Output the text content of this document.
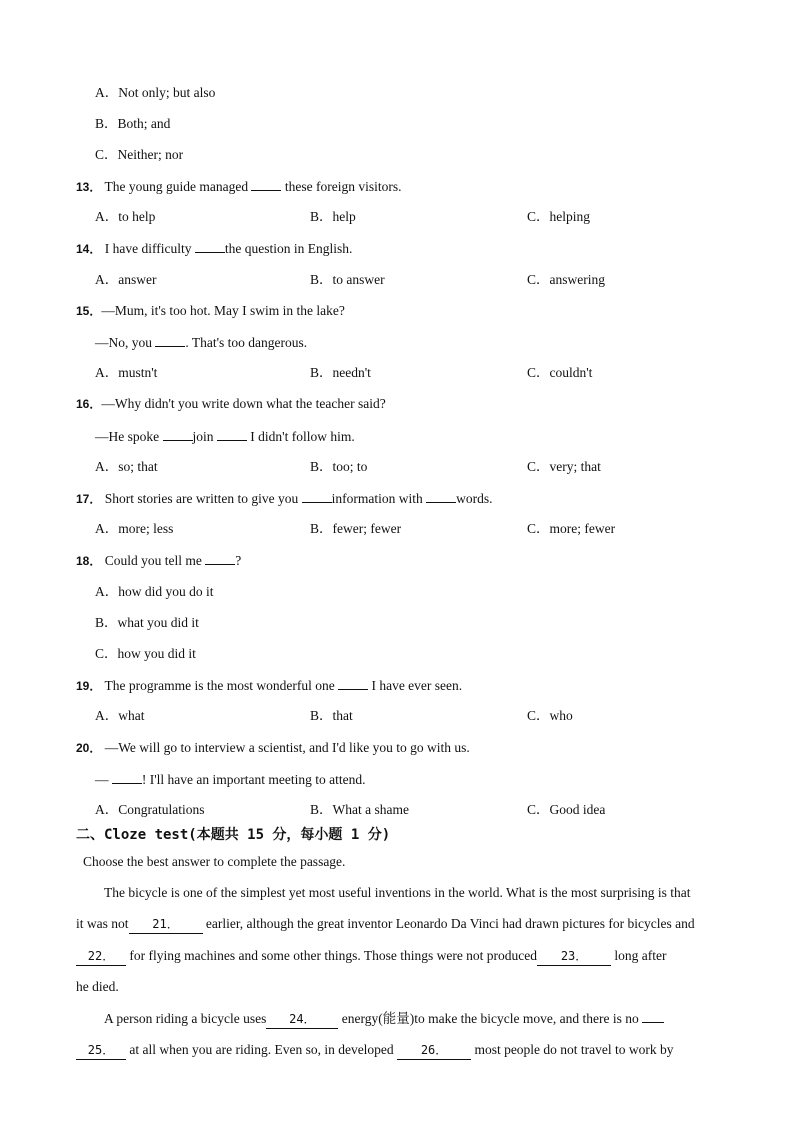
A．Not only; but also
B．Both; and
C．Neither; nor
13． The young guide managed	these foreign visitors.
A．to help	B．help	C．helping
14． I have difficulty the question in English.
A．answer	B．to answer	C．answering
15．—Mum, it's too hot. May I swim in the lake?
—No, you . That's too dangerous.
A．mustn't	B．needn't	C．couldn't
16．—Why didn't you write down what the teacher said?
—He spoke join	I didn't follow him.
A．so; that	B．too; to	C．very; that
17． Short stories are written to give you information with words.
A．more; less	B．fewer; fewer	C．more; fewer
18． Could you tell me ?
A．how did you do it
B．what you did it
C．how you did it
19． The programme is the most wonderful one	I have ever seen.
A．what	B．that	C．who
20． —We will go to interview a scientist, and I'd like you to go with us.
— ! I'll have an important meeting to attend.
A．Congratulations	B．What a shame	C．Good idea
二、Cloze test(本题共 15 分，每小题 1 分)
Choose the best answer to complete the passage.
The bicycle is one of the simplest yet most useful inventions in the world. What is the most surprising is that
it was not 21． earlier, although the great inventor Leonardo Da Vinci had drawn pictures for bicycles and
22． for flying machines and some other things. Those things were not produced 23． long after
he died.
A person riding a bicycle uses 24． energy(能量)to make the bicycle move, and there is no
25． at all when you are riding. Even so, in developed 26． most people do not travel to work by
